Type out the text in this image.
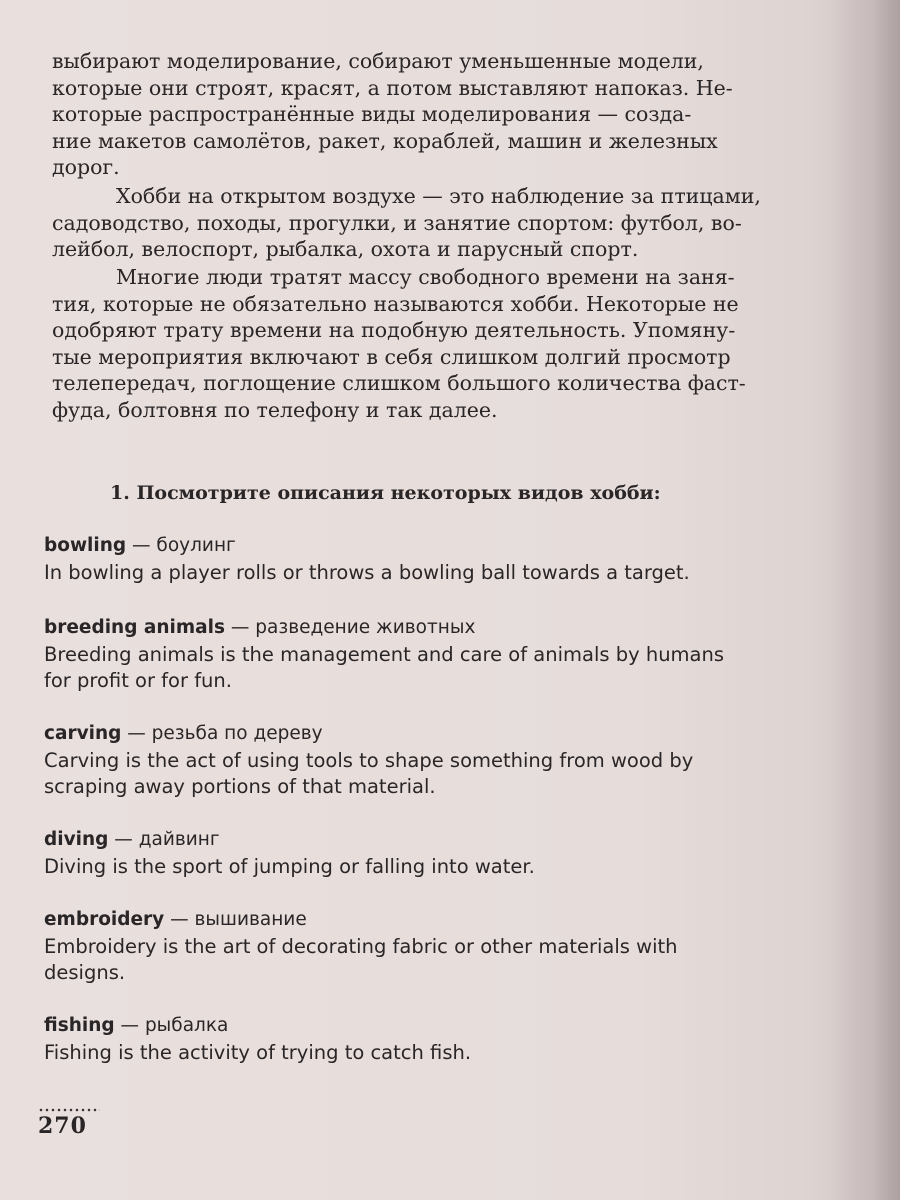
выбирают моделирование, собирают уменьшенные модели,
которые они строят, красят, а потом выставляют напоказ. Не-
которые распространённые виды моделирования — созда-
ние макетов самолётов, ракет, кораблей, машин и железных
дорог.
Хобби на открытом воздухе — это наблюдение за птицами,
садоводство, походы, прогулки, и занятие спортом: футбол, во-
лейбол, велоспорт, рыбалка, охота и парусный спорт.
Многие люди тратят массу свободного времени на заня-
тия, которые не обязательно называются хобби. Некоторые не
одобряют трату времени на подобную деятельность. Упомяну-
тые мероприятия включают в себя слишком долгий просмотр
телепередач, поглощение слишком большого количества фаст-
фуда, болтовня по телефону и так далее.
1. Посмотрите описания некоторых видов хобби:
bowling — боулинг
In bowling a player rolls or throws a bowling ball towards a target.
breeding animals — разведение животных
Breeding animals is the management and care of animals by humans
for profit or for fun.
carving — резьба по дереву
Carving is the act of using tools to shape something from wood by
scraping away portions of that material.
diving — дайвинг
Diving is the sport of jumping or falling into water.
embroidery — вышивание
Embroidery is the art of decorating fabric or other materials with
designs.
fishing — рыбалка
Fishing is the activity of trying to catch fish.
270
